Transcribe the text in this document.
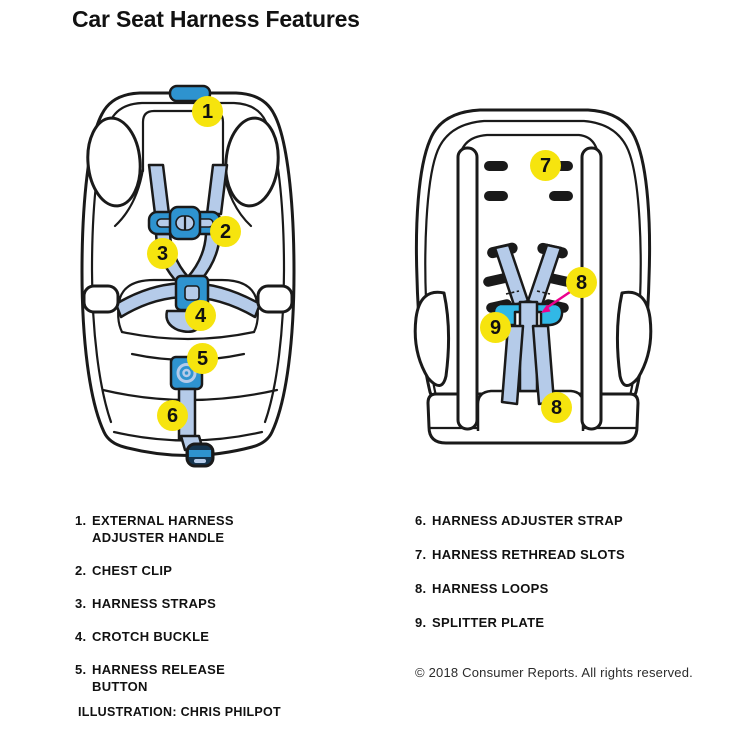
Car Seat Harness Features
1
2
3
4
5
6
7
8
9
8
1. EXTERNAL HARNESS ADJUSTER HANDLE
2. CHEST CLIP
3. HARNESS STRAPS
4. CROTCH BUCKLE
5. HARNESS RELEASE BUTTON
6. HARNESS ADJUSTER STRAP
7. HARNESS RETHREAD SLOTS
8. HARNESS LOOPS
9. SPLITTER PLATE
ILLUSTRATION: CHRIS PHILPOT
© 2018 Consumer Reports. All rights reserved.
